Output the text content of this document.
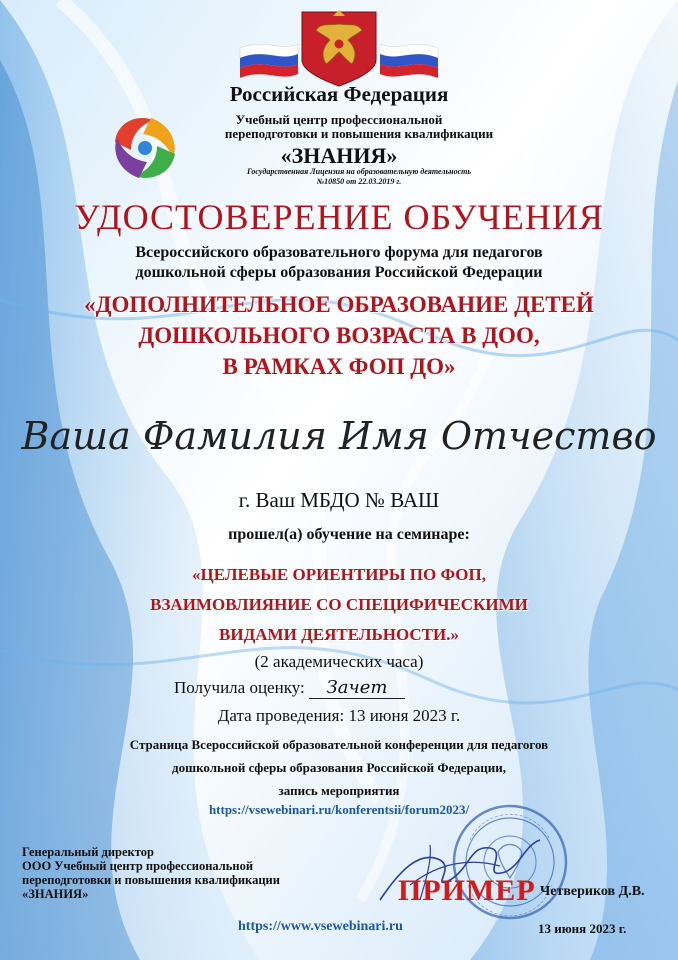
Российская Федерация

Учебный центр профессиональной

переподготовки и повышения квалификации

«ЗНАНИЯ»

Государственная Лицензия на образовательную деятельность

№10850 от 22.03.2019 г.

УДОСТОВЕРЕНИЕ ОБУЧЕНИЯ

Всероссийского образовательного форума для педагогов

дошкольной сферы образования Российской Федерации

«ДОПОЛНИТЕЛЬНОЕ ОБРАЗОВАНИЕ ДЕТЕЙ

ДОШКОЛЬНОГО ВОЗРАСТА В ДОО,

В РАМКАХ ФОП ДО»

Ваша Фамилия Имя Отчество

г. Ваш МБДО № ВАШ

прошел(а) обучение на семинаре:

«ЦЕЛЕВЫЕ ОРИЕНТИРЫ ПО ФОП,

ВЗАИМОВЛИЯНИЕ СО СПЕЦИФИЧЕСКИМИ

ВИДАМИ ДЕЯТЕЛЬНОСТИ.»

(2 академических часа)

Получила оценку: Зачет

Дата проведения: 13 июня 2023 г.

Страница Всероссийской образовательной конференции для педагогов

дошкольной сферы образования Российской Федерации,

запись мероприятия

https://vsewebinari.ru/konferentsii/forum2023/

Генеральный директор
ООО Учебный центр профессиональной
переподготовки и повышения квалификации
«ЗНАНИЯ»	ПРИМЕР Четвериков Д.В.
https://www.vsewebinari.ru	13 июня 2023 г.
